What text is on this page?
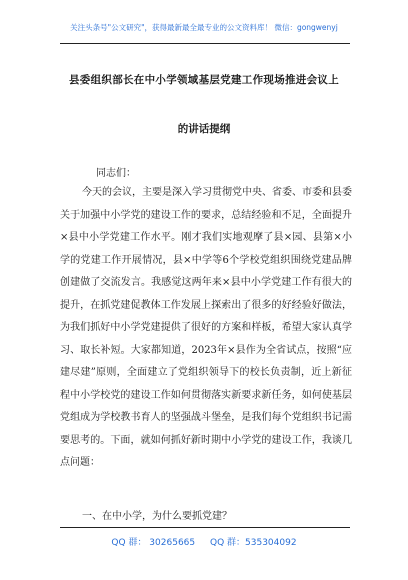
关注头条号"公文研究"，获得最新最全最专业的公文资料库！ 微信：gongwenyj
县委组织部长在中小学领域基层党建工作现场推进会议上
的讲话提纲
同志们：
今天的会议，主要是深入学习贯彻党中央、省委、市委和县委关于加强中小学党的建设工作的要求，总结经验和不足，全面提升×县中小学党建工作水平。刚才我们实地观摩了县×园、县第×小学的党建工作开展情况，县×中学等6个学校党组织围绕党建品牌创建做了交流发言。我感觉这两年来×县中小学党建工作有很大的提升，在抓党建促教体工作发展上探索出了很多的好经验好做法，为我们抓好中小学党建提供了很好的方案和样板，希望大家认真学习、取长补短。大家都知道，2023年×县作为全省试点，按照“应建尽建”原则，全面建立了党组织领导下的校长负责制，近上新征程中小学校党的建设工作如何贯彻落实新要求新任务，如何使基层党组成为学校教书育人的坚强战斗堡垒，是我们每个党组织书记需要思考的。下面，就如何抓好新时期中小学党的建设工作，我谈几点问题：
一、在中小学，为什么要抓党建？
QQ 群： 30265665 QQ 群：535304092
